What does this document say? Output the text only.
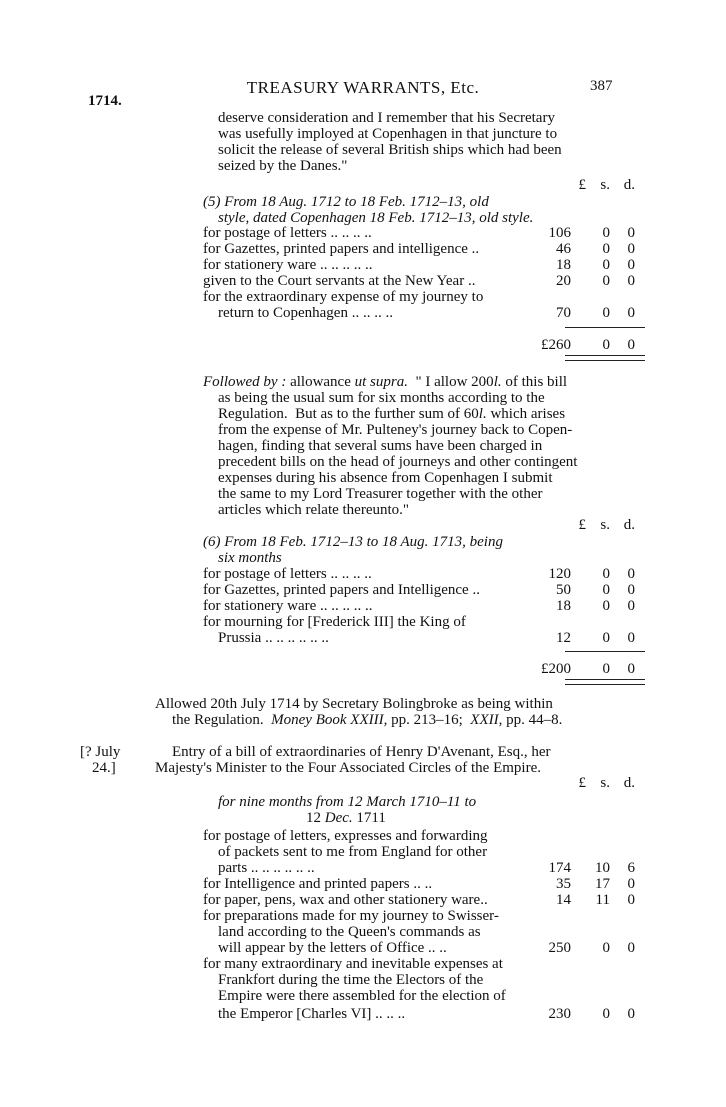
TREASURY WARRANTS, Etc.	387
1714.
deserve consideration and I remember that his Secretary
was usefully imployed at Copenhagen in that juncture to
solicit the release of several British ships which had been
seized by the Danes."
£ s. d.
(5) From 18 Aug. 1712 to 18 Feb. 1712–13, old
style, dated Copenhagen 18 Feb. 1712–13, old style.
for postage of letters .. .. .. ..	106	0	0
for Gazettes, printed papers and intelligence ..	46	0	0
for stationery ware .. .. .. .. ..	18	0	0
given to the Court servants at the New Year ..	20	0	0
for the extraordinary expense of my journey to
return to Copenhagen .. .. .. ..	70	0	0
£260	0	0
Followed by : allowance ut supra.  " I allow 200l. of this bill
as being the usual sum for six months according to the
Regulation.  But as to the further sum of 60l. which arises
from the expense of Mr. Pulteney's journey back to Copen-
hagen, finding that several sums have been charged in
precedent bills on the head of journeys and other contingent
expenses during his absence from Copenhagen I submit
the same to my Lord Treasurer together with the other
articles which relate thereunto."
£ s. d.
(6) From 18 Feb. 1712–13 to 18 Aug. 1713, being
six months
for postage of letters .. .. .. ..	120	0	0
for Gazettes, printed papers and Intelligence ..	50	0	0
for stationery ware .. .. .. .. ..	18	0	0
for mourning for [Frederick III] the King of
Prussia .. .. .. .. .. ..	12	0	0
£200	0	0
Allowed 20th July 1714 by Secretary Bolingbroke as being within
the Regulation.  Money Book XXIII, pp. 213–16;  XXII, pp. 44–8.
[? July
24.]
Entry of a bill of extraordinaries of Henry D'Avenant, Esq., her
Majesty's Minister to the Four Associated Circles of the Empire.
£ s. d.
for nine months from 12 March 1710–11 to
12 Dec. 1711
for postage of letters, expresses and forwarding
of packets sent to me from England for other
parts .. .. .. .. .. ..	174	10	6
for Intelligence and printed papers .. ..	35	17	0
for paper, pens, wax and other stationery ware..	14	11	0
for preparations made for my journey to Swisser-
land according to the Queen's commands as
will appear by the letters of Office .. ..	250	0	0
for many extraordinary and inevitable expenses at
Frankfort during the time the Electors of the
Empire were there assembled for the election of
the Emperor [Charles VI] .. .. ..	230	0	0
